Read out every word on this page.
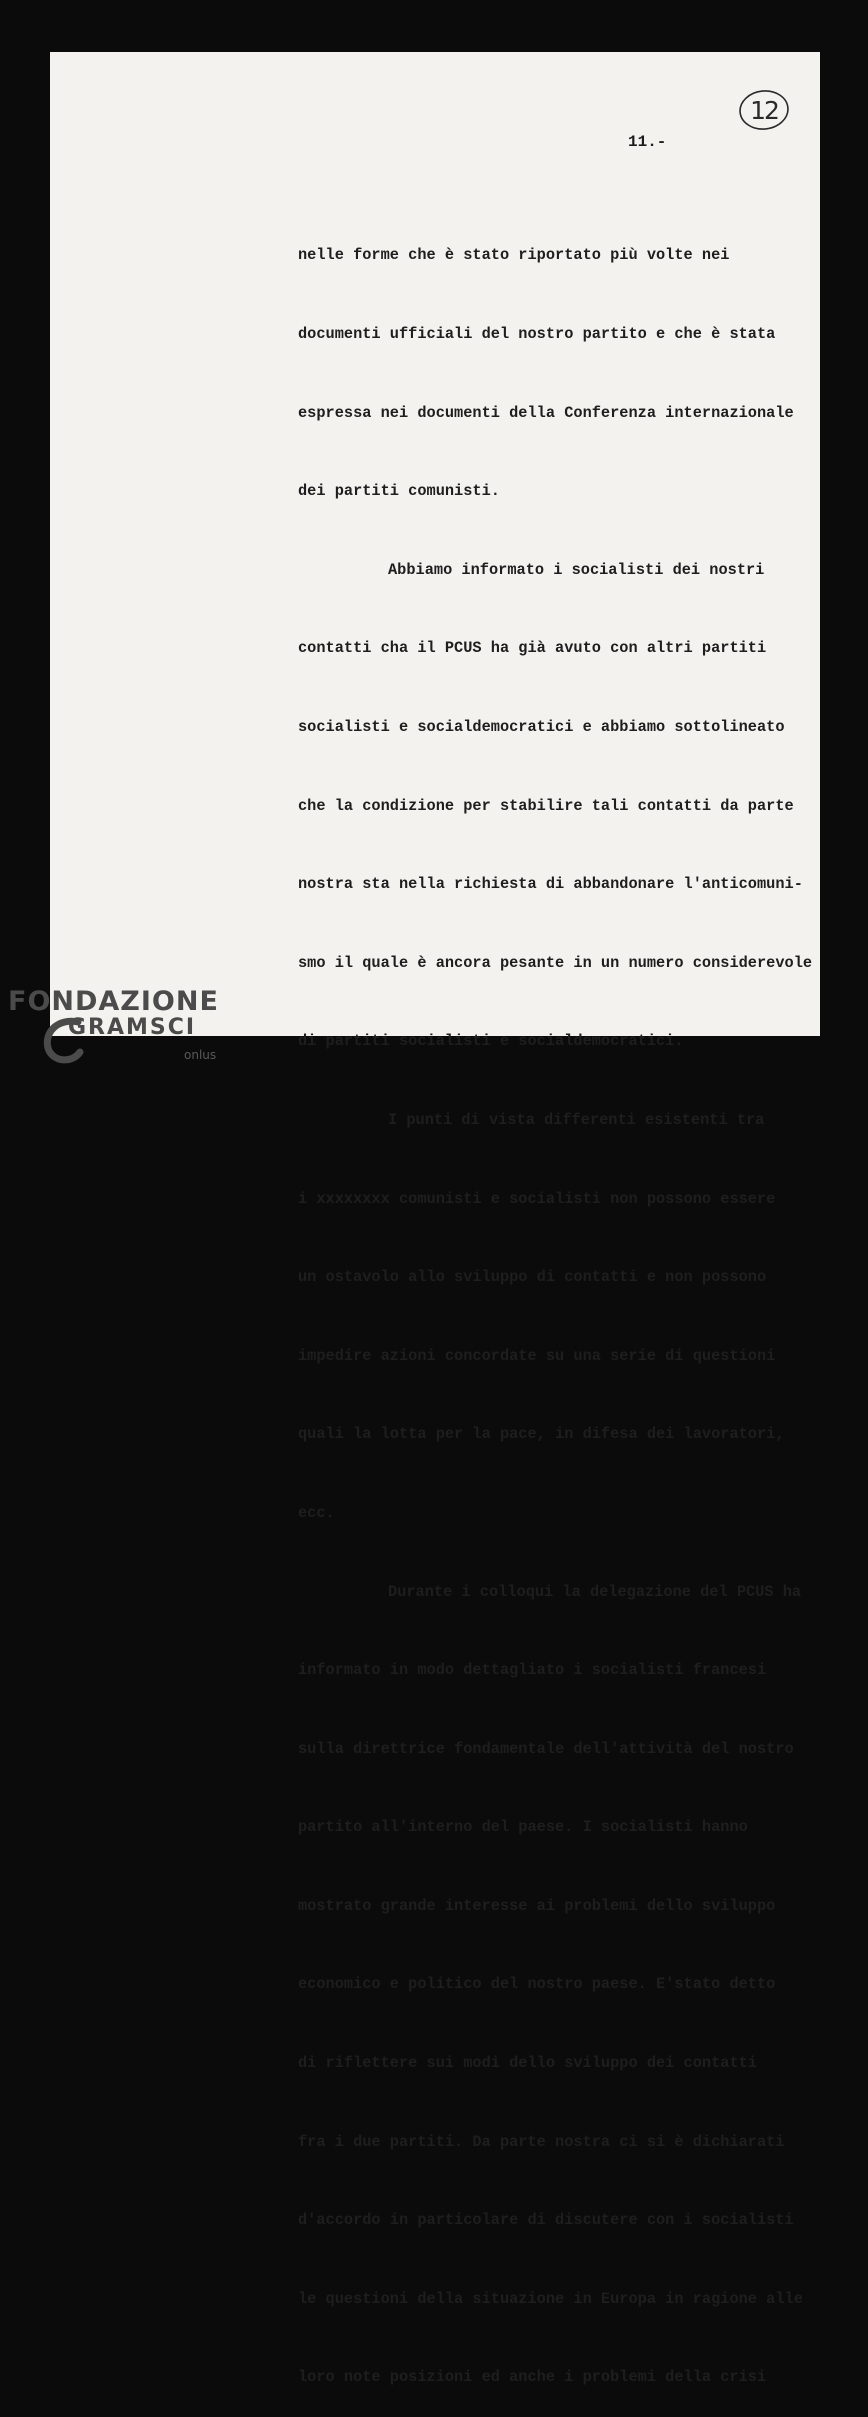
12
11.-

nelle forme che è stato riportato più volte nei

documenti ufficiali del nostro partito e che è stata

espressa nei documenti della Conferenza internazionale

dei partiti comunisti.

Abbiamo informato i socialisti dei nostri

contatti cha il PCUS ha già avuto con altri partiti

socialisti e socialdemocratici e abbiamo sottolineato

che la condizione per stabilire tali contatti da parte

nostra sta nella richiesta di abbandonare l'anticomuni-

smo il quale è ancora pesante in un numero considerevole

di partiti socialisti e socialdemocratici.

I punti di vista differenti esistenti tra

i xxxxxxxx comunisti e socialisti non possono essere

un ostavolo allo sviluppo di contatti e non possono

impedire azioni concordate su una serie di questioni

quali la lotta per la pace, in difesa dei lavoratori,

ecc.

Durante i colloqui la delegazione del PCUS ha

informato in modo dettagliato i socialisti francesi

sulla direttrice fondamentale dell'attività del nostro

partito all'interno del paese. I socialisti hanno

mostrato grande interesse ai problemi dello sviluppo

economico e politico del nostro paese. E'stato detto

di riflettere sui modi dello sviluppo dei contatti

fra i due partiti. Da parte nostra ci si è dichiarati

d'accordo in particolare di discutere con i socialisti

le questioni della situazione in Europa in ragione alle

loro note posizioni ed anche i problemi della crisi

FONDAZIONE
GRAMSCI
onlus
